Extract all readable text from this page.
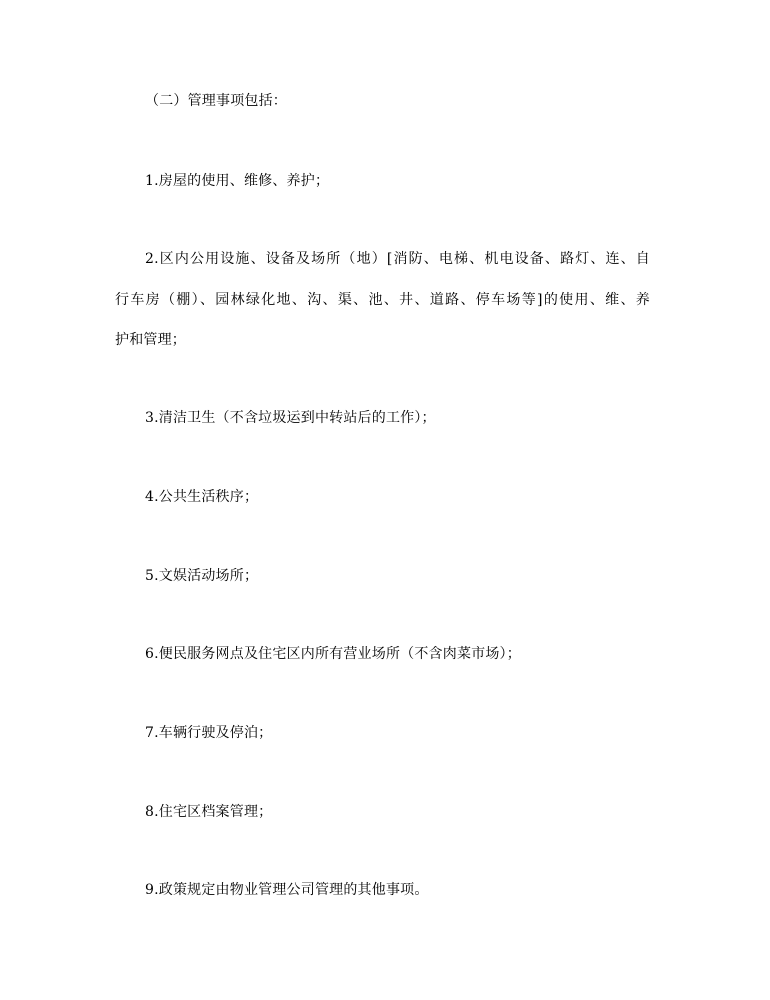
（二）管理事项包括：

1.房屋的使用、维修、养护；

2.区内公用设施、设备及场所（地）[消防、电梯、机电设备、路灯、连、自

行车房（棚）、园林绿化地、沟、渠、池、井、道路、停车场等]的使用、维、养

护和管理；

3.清洁卫生（不含垃圾运到中转站后的工作）；

4.公共生活秩序；

5.文娱活动场所；

6.便民服务网点及住宅区内所有营业场所（不含肉菜市场）；

7.车辆行驶及停泊；

8.住宅区档案管理；

9.政策规定由物业管理公司管理的其他事项。
